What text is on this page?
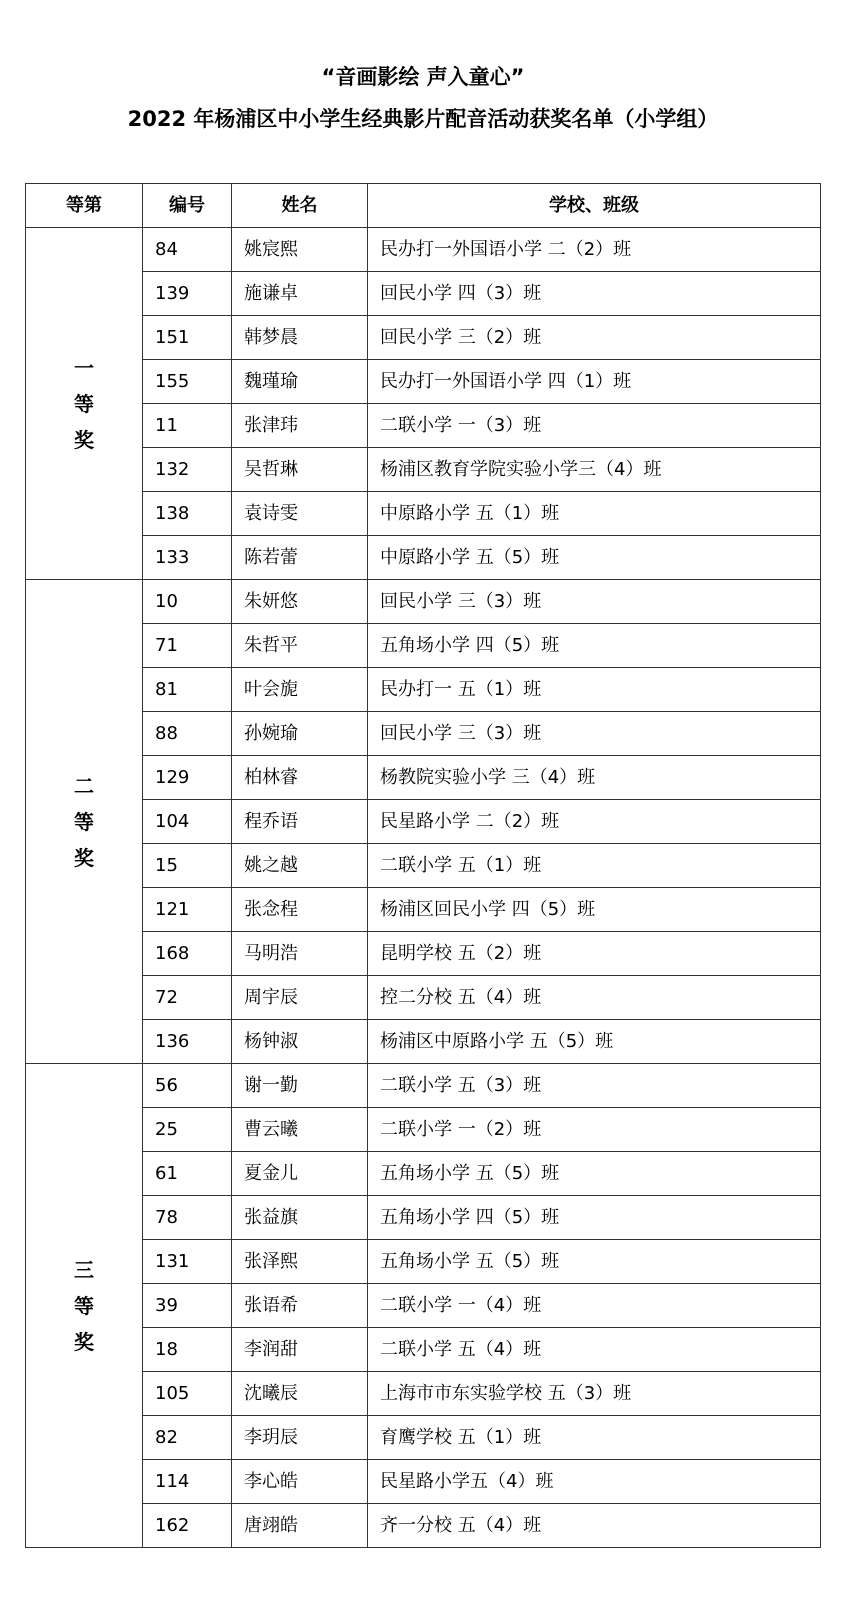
“音画影绘 声入童心”
2022 年杨浦区中小学生经典影片配音活动获奖名单（小学组）
等第	编号	姓名	学校、班级
一等奖	84	姚宸熙	民办打一外国语小学 二（2）班
	139	施谦卓	回民小学 四（3）班
	151	韩梦晨	回民小学 三（2）班
	155	魏瑾瑜	民办打一外国语小学 四（1）班
	11	张津玮	二联小学 一（3）班
	132	吴哲琳	杨浦区教育学院实验小学三（4）班
	138	袁诗雯	中原路小学 五（1）班
	133	陈若蕾	中原路小学 五（5）班
二等奖	10	朱妍悠	回民小学 三（3）班
	71	朱哲平	五角场小学 四（5）班
	81	叶会旎	民办打一 五（1）班
	88	孙婉瑜	回民小学 三（3）班
	129	柏林睿	杨教院实验小学 三（4）班
	104	程乔语	民星路小学 二（2）班
	15	姚之越	二联小学 五（1）班
	121	张念程	杨浦区回民小学 四（5）班
	168	马明浩	昆明学校 五（2）班
	72	周宇辰	控二分校 五（4）班
	136	杨钟淑	杨浦区中原路小学 五（5）班
三等奖	56	谢一勤	二联小学 五（3）班
	25	曹云曦	二联小学 一（2）班
	61	夏金儿	五角场小学 五（5）班
	78	张益旗	五角场小学 四（5）班
	131	张泽熙	五角场小学 五（5）班
	39	张语希	二联小学 一（4）班
	18	李润甜	二联小学 五（4）班
	105	沈曦辰	上海市市东实验学校 五（3）班
	82	李玥辰	育鹰学校 五（1）班
	114	李心皓	民星路小学五（4）班
	162	唐翊皓	齐一分校 五（4）班
